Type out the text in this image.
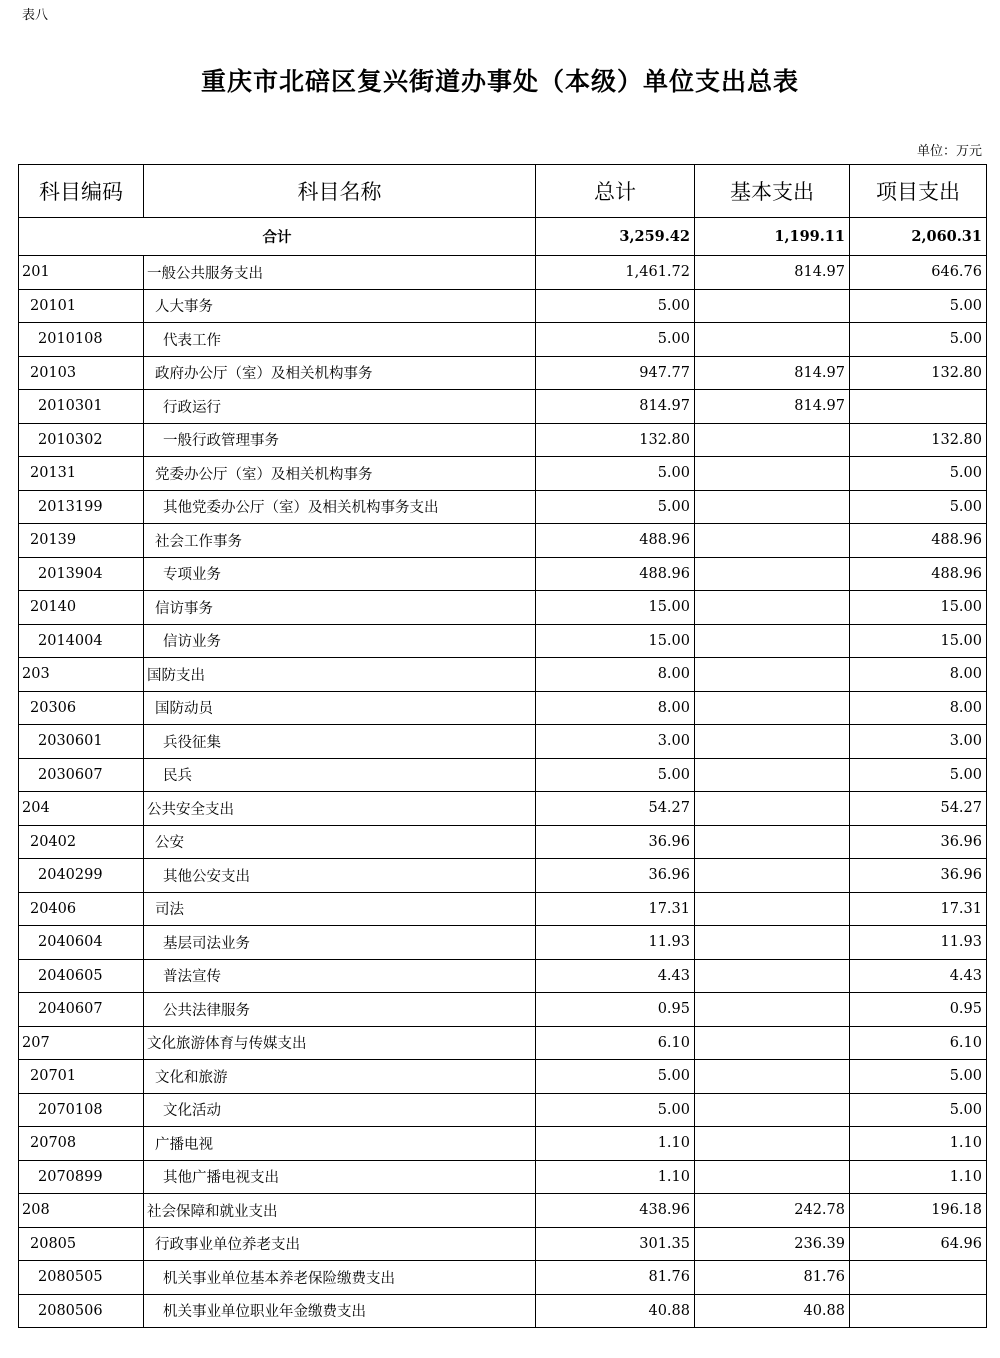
表八
重庆市北碚区复兴街道办事处（本级）单位支出总表
单位：万元
科目编码	科目名称	总计	基本支出	项目支出
合计		3,259.42	1,199.11	2,060.31
201	一般公共服务支出	1,461.72	814.97	646.76
20101	人大事务	5.00		5.00
2010108	代表工作	5.00		5.00
20103	政府办公厅（室）及相关机构事务	947.77	814.97	132.80
2010301	行政运行	814.97	814.97	
2010302	一般行政管理事务	132.80		132.80
20131	党委办公厅（室）及相关机构事务	5.00		5.00
2013199	其他党委办公厅（室）及相关机构事务支出	5.00		5.00
20139	社会工作事务	488.96		488.96
2013904	专项业务	488.96		488.96
20140	信访事务	15.00		15.00
2014004	信访业务	15.00		15.00
203	国防支出	8.00		8.00
20306	国防动员	8.00		8.00
2030601	兵役征集	3.00		3.00
2030607	民兵	5.00		5.00
204	公共安全支出	54.27		54.27
20402	公安	36.96		36.96
2040299	其他公安支出	36.96		36.96
20406	司法	17.31		17.31
2040604	基层司法业务	11.93		11.93
2040605	普法宣传	4.43		4.43
2040607	公共法律服务	0.95		0.95
207	文化旅游体育与传媒支出	6.10		6.10
20701	文化和旅游	5.00		5.00
2070108	文化活动	5.00		5.00
20708	广播电视	1.10		1.10
2070899	其他广播电视支出	1.10		1.10
208	社会保障和就业支出	438.96	242.78	196.18
20805	行政事业单位养老支出	301.35	236.39	64.96
2080505	机关事业单位基本养老保险缴费支出	81.76	81.76	
2080506	机关事业单位职业年金缴费支出	40.88	40.88	
